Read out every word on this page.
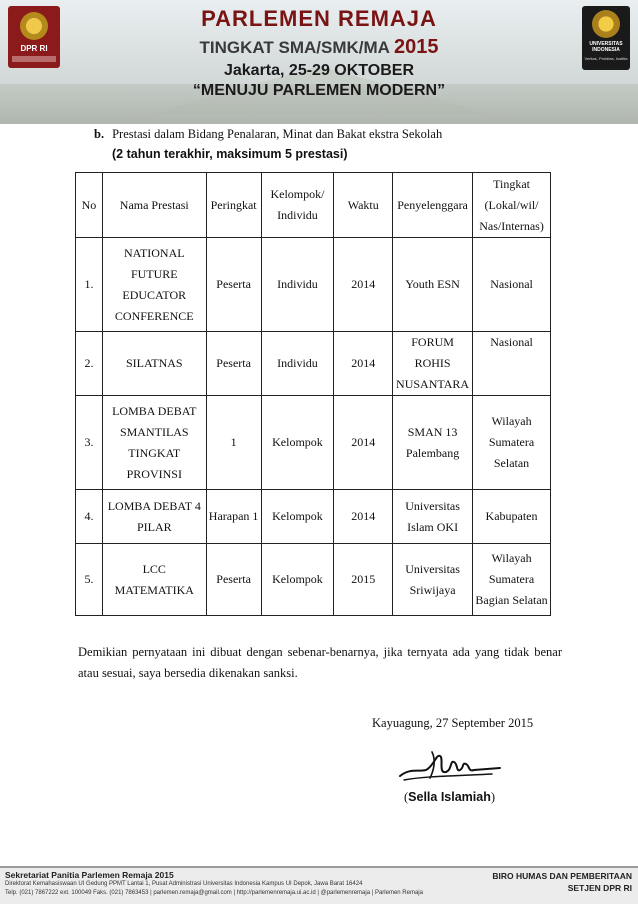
DPR RI
PARLEMEN REMAJA
TINGKAT SMA/SMK/MA 2015
Jakarta, 25-29 OKTOBER
“MENUJU PARLEMEN MODERN”
UNIVERSITAS INDONESIA
Veritas, Probitas, Iustitia
b. Prestasi dalam Bidang Penalaran, Minat dan Bakat ekstra Sekolah
(2 tahun terakhir, maksimum 5 prestasi)
No	Nama Prestasi	Peringkat	Kelompok/ Individu	Waktu	Penyelenggara	Tingkat (Lokal/wil/ Nas/Internas)
1.	NATIONAL FUTURE EDUCATOR CONFERENCE	Peserta	Individu	2014	Youth ESN	Nasional
2.	SILATNAS	Peserta	Individu	2014	FORUM ROHIS NUSANTARA	Nasional
3.	LOMBA DEBAT SMANTILAS TINGKAT PROVINSI	1	Kelompok	2014	SMAN 13 Palembang	Wilayah Sumatera Selatan
4.	LOMBA DEBAT 4 PILAR	Harapan 1	Kelompok	2014	Universitas Islam OKI	Kabupaten
5.	LCC MATEMATIKA	Peserta	Kelompok	2015	Universitas Sriwijaya	Wilayah Sumatera Bagian Selatan
Demikian pernyataan ini dibuat dengan sebenar-benarnya, jika ternyata ada yang tidak benar atau sesuai, saya bersedia dikenakan sanksi.
Kayuagung, 27 September 2015
(Sella Islamiah)
Sekretariat Panitia Parlemen Remaja 2015
Direktorat Kemahasiswaan UI Gedung PPMT Lantai 1, Pusat Administrasi Universitas Indonesia Kampus UI Depok, Jawa Barat 16424
Telp. (021) 7867222 ext. 100049 Faks. (021) 7863453 | parlemen.remaja@gmail.com | http://parlemenremaja.ui.ac.id | @parlemenremaja | Parlemen Remaja
BIRO HUMAS DAN PEMBERITAAN
SETJEN DPR RI
